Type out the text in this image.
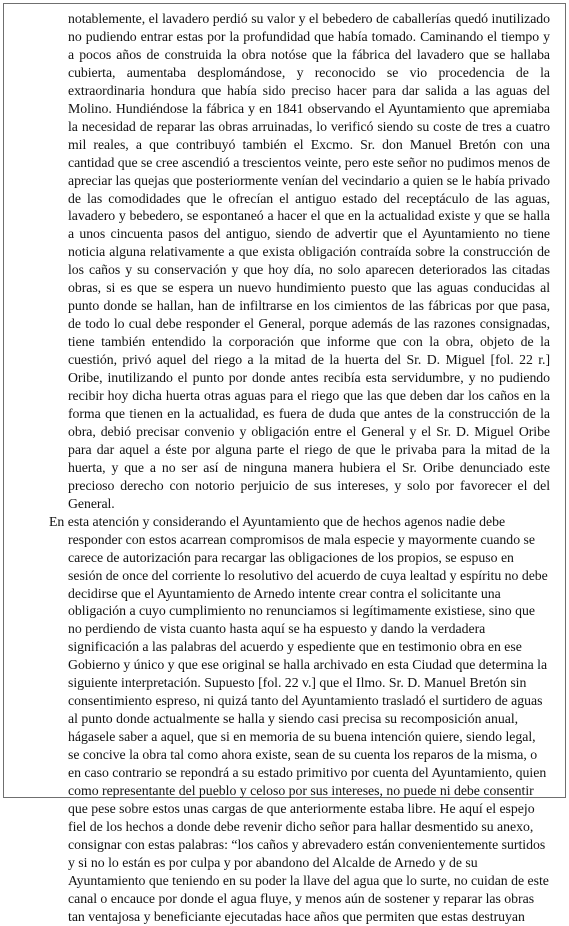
notablemente, el lavadero perdió su valor y el bebedero de caballerías quedó inutilizado no pudiendo entrar estas por la profundidad que había tomado. Caminando el tiempo y a pocos años de construida la obra notóse que la fábrica del lavadero que se hallaba cubierta, aumentaba desplomándose, y reconocido se vio procedencia de la extraordinaria hondura que había sido preciso hacer para dar salida a las aguas del Molino. Hundiéndose la fábrica y en 1841 observando el Ayuntamiento que apremiaba la necesidad de reparar las obras arruinadas, lo verificó siendo su coste de tres a cuatro mil reales, a que contribuyó también el Excmo. Sr. don Manuel Bretón con una cantidad que se cree ascendió a trescientos veinte, pero este señor no pudimos menos de apreciar las quejas que posteriormente venían del vecindario a quien se le había privado de las comodidades que le ofrecían el antiguo estado del receptáculo de las aguas, lavadero y bebedero, se espontaneó a hacer el que en la actualidad existe y que se halla a unos cincuenta pasos del antiguo, siendo de advertir que el Ayuntamiento no tiene noticia alguna relativamente a que exista obligación contraída sobre la construcción de los caños y su conservación y que hoy día, no solo aparecen deteriorados las citadas obras, si es que se espera un nuevo hundimiento puesto que las aguas conducidas al punto donde se hallan, han de infiltrarse en los cimientos de las fábricas por que pasa, de todo lo cual debe responder el General, porque además de las razones consignadas, tiene también entendido la corporación que informe que con la obra, objeto de la cuestión, privó aquel del riego a la mitad de la huerta del Sr. D. Miguel [fol. 22 r.] Oribe, inutilizando el punto por donde antes recibía esta servidumbre, y no pudiendo recibir hoy dicha huerta otras aguas para el riego que las que deben dar los caños en la forma que tienen en la actualidad, es fuera de duda que antes de la construcción de la obra, debió precisar convenio y obligación entre el General y el Sr. D. Miguel Oribe para dar aquel a éste por alguna parte el riego de que le privaba para la mitad de la huerta, y que a no ser así de ninguna manera hubiera el Sr. Oribe denunciado este precioso derecho con notorio perjuicio de sus intereses, y solo por favorecer el del General.

En esta atención y considerando el Ayuntamiento que de hechos agenos nadie debe responder con estos acarrean compromisos de mala especie y mayormente cuando se carece de autorización para recargar las obligaciones de los propios, se espuso en sesión de once del corriente lo resolutivo del acuerdo de cuya lealtad y espíritu no debe decidirse que el Ayuntamiento de Arnedo intente crear contra el solicitante una obligación a cuyo cumplimiento no renunciamos si legítimamente existiese, sino que no perdiendo de vista cuanto hasta aquí se ha espuesto y dando la verdadera significación a las palabras del acuerdo y espediente que en testimonio obra en ese Gobierno y único y que ese original se halla archivado en esta Ciudad que determina la siguiente interpretación. Supuesto [fol. 22 v.] que el Ilmo. Sr. D. Manuel Bretón sin consentimiento espreso, ni quizá tanto del Ayuntamiento trasladó el surtidero de aguas al punto donde actualmente se halla y siendo casi precisa su recomposición anual, hágasele saber a aquel, que si en memoria de su buena intención quiere, siendo legal, se concive la obra tal como ahora existe, sean de su cuenta los reparos de la misma, o en caso contrario se repondrá a su estado primitivo por cuenta del Ayuntamiento, quien como representante del pueblo y celoso por sus intereses, no puede ni debe consentir que pese sobre estos unas cargas de que anteriormente estaba libre. He aquí el espejo fiel de los hechos a donde debe revenir dicho señor para hallar desmentido su anexo, consignar con estas palabras: “los caños y abrevadero están convenientemente surtidos y si no lo están es por culpa y por abandono del Alcalde de Arnedo y de su Ayuntamiento que teniendo en su poder la llave del agua que lo surte, no cuidan de este canal o encauce por donde el agua fluye, y menos aún de sostener y reparar las obras tan ventajosa y beneficiante ejecutadas hace años que permiten que estas destruyan
